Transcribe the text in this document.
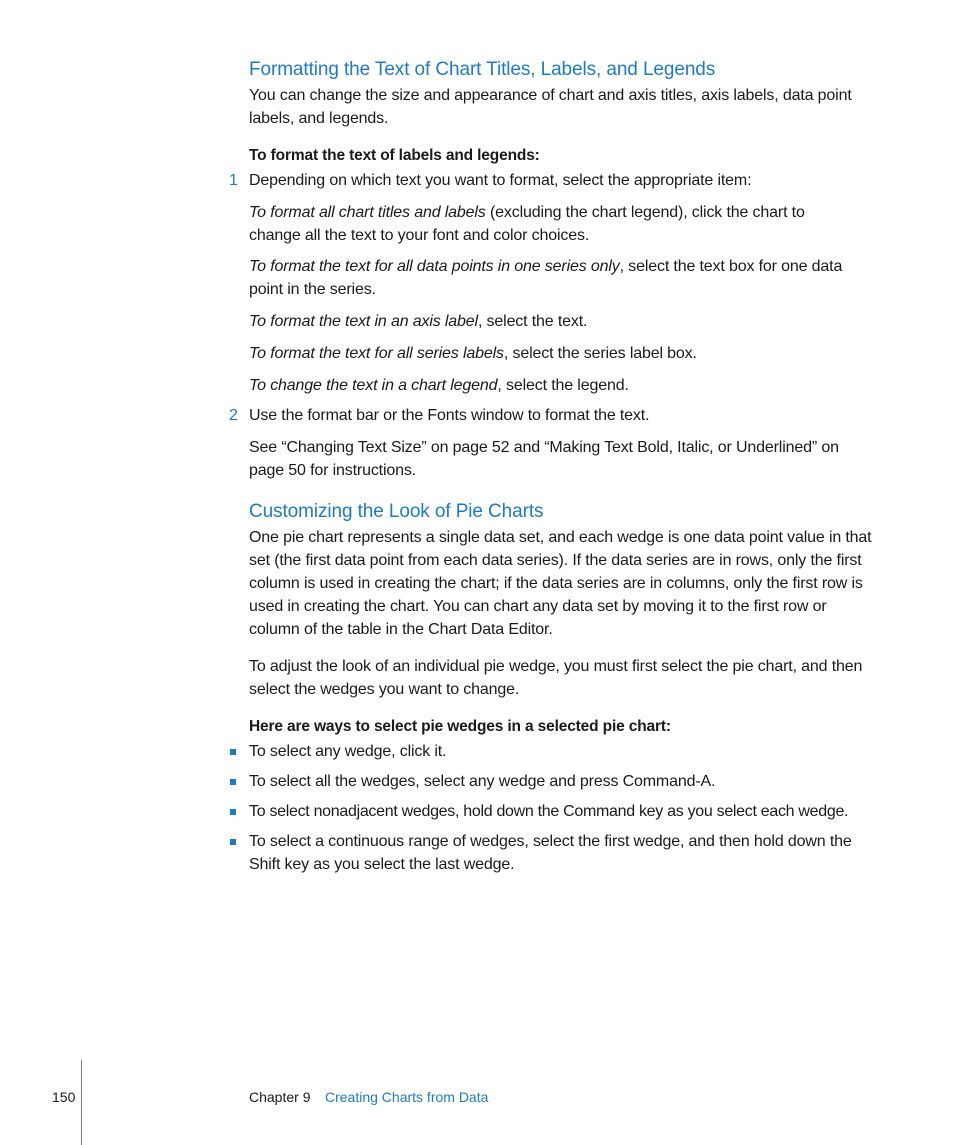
Formatting the Text of Chart Titles, Labels, and Legends

You can change the size and appearance of chart and axis titles, axis labels, data point labels, and legends.

To format the text of labels and legends:

1 Depending on which text you want to format, select the appropriate item:

To format all chart titles and labels (excluding the chart legend), click the chart to change all the text to your font and color choices.

To format the text for all data points in one series only, select the text box for one data point in the series.

To format the text in an axis label, select the text.

To format the text for all series labels, select the series label box.

To change the text in a chart legend, select the legend.

2 Use the format bar or the Fonts window to format the text.

See “Changing Text Size” on page 52 and “Making Text Bold, Italic, or Underlined” on page 50 for instructions.

Customizing the Look of Pie Charts

One pie chart represents a single data set, and each wedge is one data point value in that set (the first data point from each data series). If the data series are in rows, only the first column is used in creating the chart; if the data series are in columns, only the first row is used in creating the chart. You can chart any data set by moving it to the first row or column of the table in the Chart Data Editor.

To adjust the look of an individual pie wedge, you must first select the pie chart, and then select the wedges you want to change.

Here are ways to select pie wedges in a selected pie chart:

To select any wedge, click it.

To select all the wedges, select any wedge and press Command-A.

To select nonadjacent wedges, hold down the Command key as you select each wedge.

To select a continuous range of wedges, select the first wedge, and then hold down the Shift key as you select the last wedge.

150	Chapter 9 Creating Charts from Data
